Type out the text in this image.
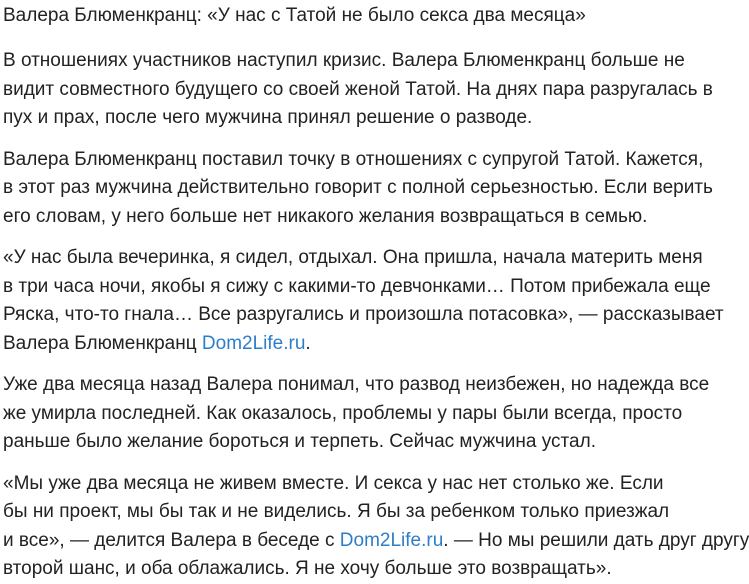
Валера Блюменкранц: «У нас с Татой не было секса два месяца»

В отношениях участников наступил кризис. Валера Блюменкранц больше не
видит совместного будущего со своей женой Татой. На днях пара разругалась в
пух и прах, после чего мужчина принял решение о разводе.

Валера Блюменкранц поставил точку в отношениях с супругой Татой. Кажется,
в этот раз мужчина действительно говорит с полной серьезностью. Если верить
его словам, у него больше нет никакого желания возвращаться в семью.

«У нас была вечеринка, я сидел, отдыхал. Она пришла, начала материть меня
в три часа ночи, якобы я сижу с какими-то девчонками… Потом прибежала еще
Ряска, что-то гнала… Все разругались и произошла потасовка», — рассказывает
Валера Блюменкранц Dom2Life.ru.

Уже два месяца назад Валера понимал, что развод неизбежен, но надежда все
же умирла последней. Как оказалось, проблемы у пары были всегда, просто
раньше было желание бороться и терпеть. Сейчас мужчина устал.

«Мы уже два месяца не живем вместе. И секса у нас нет столько же. Если
бы ни проект, мы бы так и не виделись. Я бы за ребенком только приезжал
и все», — делится Валера в беседе с Dom2Life.ru. — Но мы решили дать друг другу
второй шанс, и оба облажались. Я не хочу больше это возвращать».
